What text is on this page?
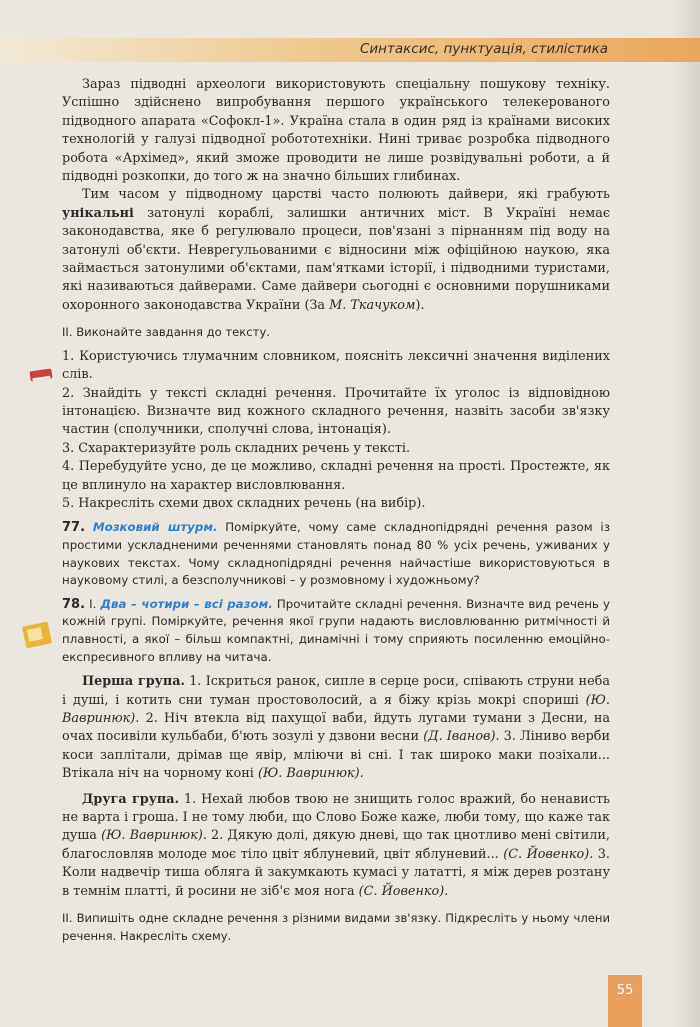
Синтаксис, пунктуація, стилістика

Зараз підводні археологи використовують спеціальну пошукову техніку. Успішно здійснено випробування першого українського телекерованого підводного апарата «Софокл-1». Україна стала в один ряд із країнами високих технологій у галузі підводної робототехніки. Нині триває розробка підводного робота «Архімед», який зможе проводити не лише розвідувальні роботи, а й підводні розкопки, до того ж на значно більших глибинах.

Тим часом у підводному царстві часто полюють дайвери, які грабують унікальні затонулі кораблі, залишки античних міст. В Україні немає законодавства, яке б регулювало процеси, пов'язані з пірнанням під воду на затонулі об'єкти. Неврегульованими є відносини між офіційною наукою, яка займається затонулими об'єктами, пам'ятками історії, і підводними туристами, які називаються дайверами. Саме дайвери сьогодні є основними порушниками охоронного законодавства України (За М. Ткачуком).

ІІ. Виконайте завдання до тексту.

1. Користуючись тлумачним словником, поясніть лексичні значення виділених слів.

2. Знайдіть у тексті складні речення. Прочитайте їх уголос із відповідною інтонацією. Визначте вид кожного складного речення, назвіть засоби зв'язку частин (сполучники, сполучні слова, інтонація).

3. Схарактеризуйте роль складних речень у тексті.

4. Перебудуйте усно, де це можливо, складні речення на прості. Простежте, як це вплинуло на характер висловлювання.

5. Накресліть схеми двох складних речень (на вибір).

77. Мозковий штурм. Поміркуйте, чому саме складнопідрядні речення разом із простими ускладненими реченнями становлять понад 80 % усіх речень, уживаних у наукових текстах. Чому складнопідрядні речення найчастіше використовуються в науковому стилі, а безсполучникові – у розмовному і художньому?

78. І. Два – чотири – всі разом. Прочитайте складні речення. Визначте вид речень у кожній групі. Поміркуйте, речення якої групи надають висловлюванню ритмічності й плавності, а якої – більш компактні, динамічні і тому сприяють посиленню емоційно-експресивного впливу на читача.

Перша група. 1. Іскриться ранок, сипле в серце роси, співають струни неба і душі, і котить сни туман простоволосий, а я біжу крізь мокрі спориші (Ю. Вавринюк). 2. Ніч втекла від пахущої ваби, йдуть лугами тумани з Десни, на очах посивіли кульбаби, б'ють зозулі у дзвони весни (Д. Іванов). 3. Ліниво верби коси заплітали, дрімав ще явір, мліючи ві сні. І так широко маки позіхали... Втікала ніч на чорному коні (Ю. Вавринюк).

Друга група. 1. Нехай любов твою не знищить голос вражий, бо ненависть не варта і гроша. І не тому люби, що Слово Боже каже, люби тому, що каже так душа (Ю. Вавринюк). 2. Дякую долі, дякую дневі, що так цнотливо мені світили, благословляв молоде моє тіло цвіт яблуневий, цвіт яблуневий... (С. Йовенко). 3. Коли надвечір тиша обляга й закумкають кумасі у лататті, я між дерев розтану в темнім платті, й росини не зіб'є моя нога (С. Йовенко).

ІІ. Випишіть одне складне речення з різними видами зв'язку. Підкресліть у ньому члени речення. Накресліть схему.

55
